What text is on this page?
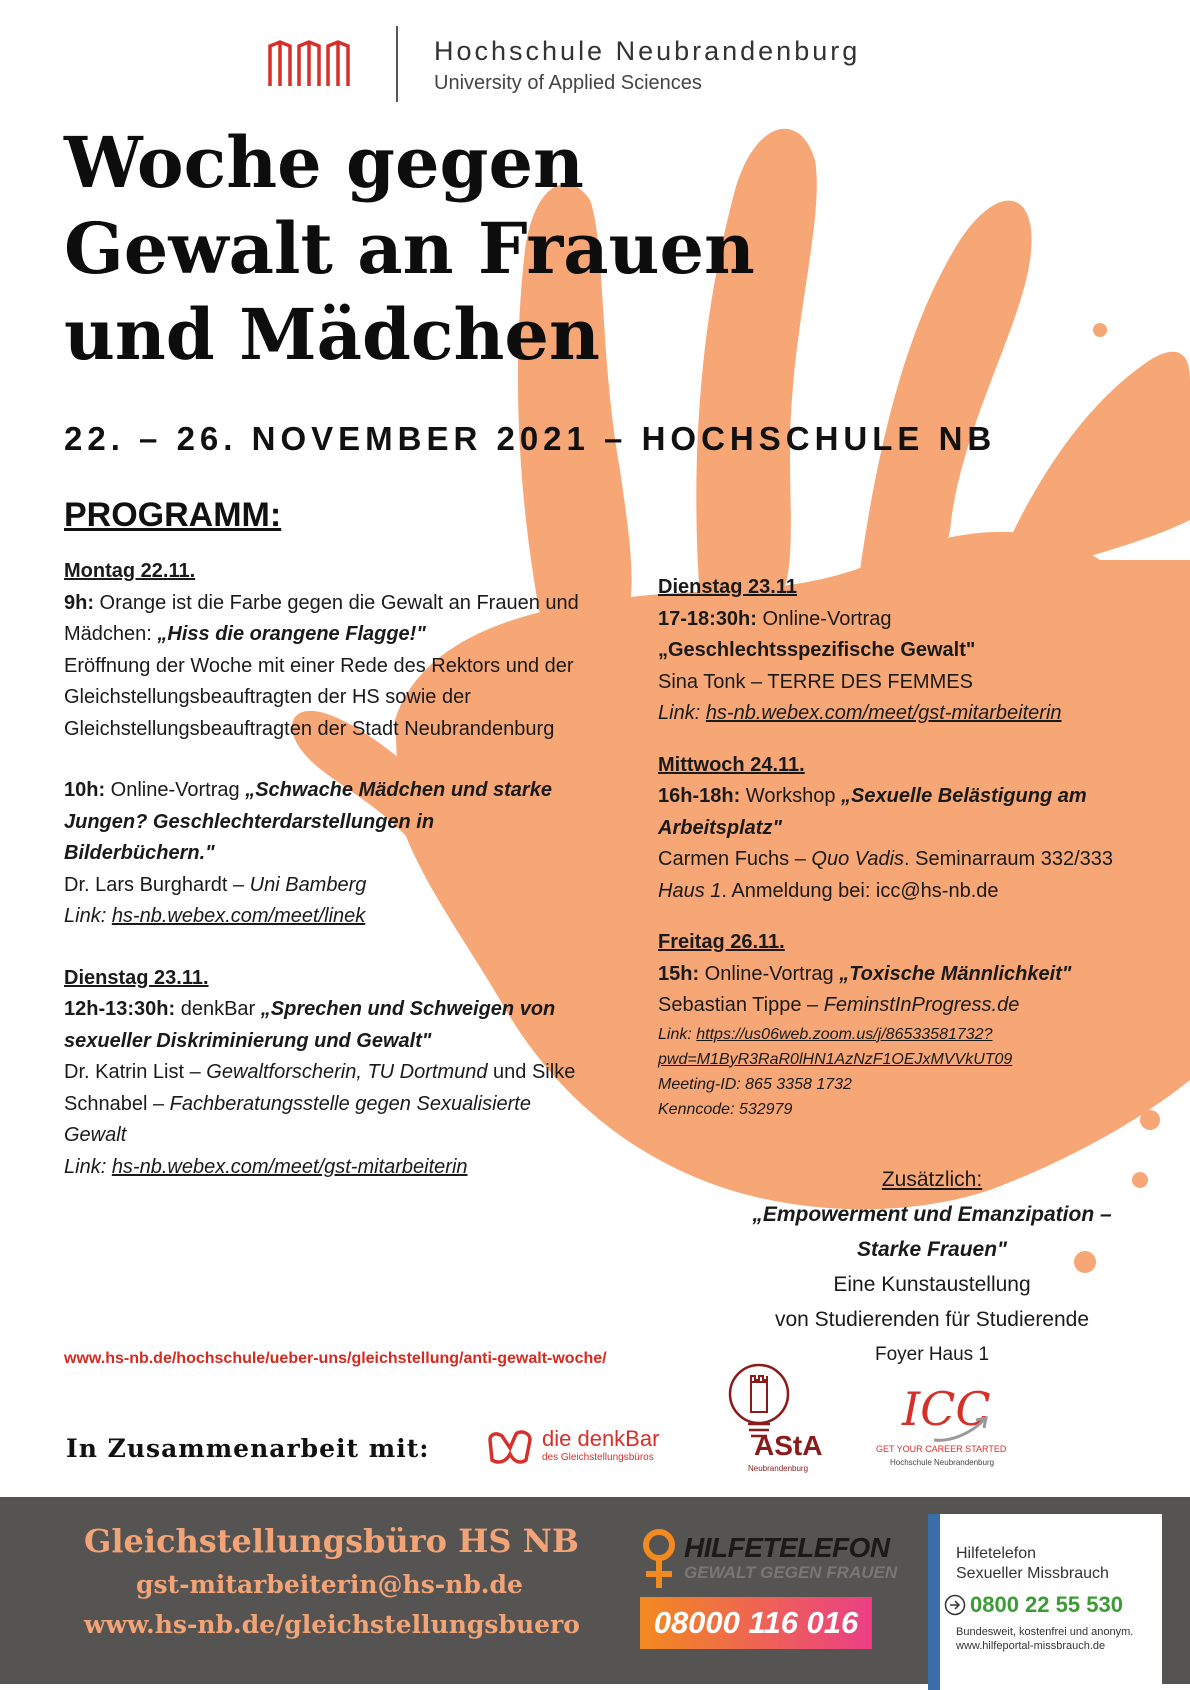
Hochschule Neubrandenburg
University of Applied Sciences
Woche gegen
Gewalt an Frauen
und Mädchen
22. – 26. NOVEMBER 2021 – HOCHSCHULE NB
PROGRAMM:

Montag 22.11.

9h: Orange ist die Farbe gegen die Gewalt an Frauen und Mädchen: „Hiss die orangene Flagge!"

Eröffnung der Woche mit einer Rede des Rektors und der Gleichstellungsbeauftragten der HS sowie der Gleichstellungsbeauftragten der Stadt Neubrandenburg

10h: Online-Vortrag „Schwache Mädchen und starke Jungen? Geschlechterdarstellungen in Bilderbüchern."

Dr. Lars Burghardt – Uni Bamberg

Link: hs-nb.webex.com/meet/linek

Dienstag 23.11.

12h-13:30h: denkBar „Sprechen und Schweigen von sexueller Diskriminierung und Gewalt"

Dr. Katrin List – Gewaltforscherin, TU Dortmund und Silke Schnabel – Fachberatungsstelle gegen Sexualisierte Gewalt

Link: hs-nb.webex.com/meet/gst-mitarbeiterin

Dienstag 23.11

17-18:30h: Online-Vortrag

„Geschlechtsspezifische Gewalt"

Sina Tonk – TERRE DES FEMMES

Link: hs-nb.webex.com/meet/gst-mitarbeiterin

Mittwoch 24.11.

16h-18h: Workshop „Sexuelle Belästigung am Arbeitsplatz"

Carmen Fuchs – Quo Vadis. Seminarraum 332/333

Haus 1. Anmeldung bei: icc@hs-nb.de

Freitag 26.11.

15h: Online-Vortrag „Toxische Männlichkeit"

Sebastian Tippe – FeminstInProgress.de

Link: https://us06web.zoom.us/j/86533581732?

pwd=M1ByR3RaR0lHN1AzNzF1OEJxMVVkUT09

Meeting-ID: 865 3358 1732

Kenncode: 532979

Zusätzlich:
„Empowerment und Emanzipation –
Starke Frauen"
Eine Kunstaustellung
von Studierenden für Studierende
Foyer Haus 1
www.hs-nb.de/hochschule/ueber-uns/gleichstellung/anti-gewalt-woche/
In Zusammenarbeit mit:	die denkBar
des Gleichstellungsbüros	AStA
Neubrandenburg
ICC
GET YOUR CAREER STARTED
Hochschule Neubrandenburg
Gleichstellungsbüro HS NB
gst-mitarbeiterin@hs-nb.de
www.hs-nb.de/gleichstellungsbuero
HILFETELEFON
GEWALT GEGEN FRAUEN
08000 116 016
Hilfetelefon
Sexueller Missbrauch
0800 22 55 530
Bundesweit, kostenfrei und anonym.
www.hilfeportal-missbrauch.de
